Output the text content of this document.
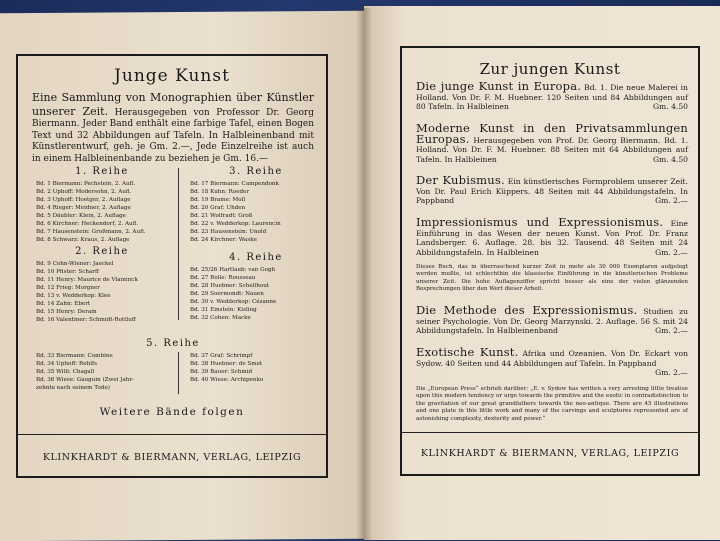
Junge Kunst
Eine Sammlung von Monographien über Künstler unserer Zeit. Herausgegeben von Professor Dr. Georg Biermann. Jeder Band enthält eine farbige Tafel, einen Bogen Text und 32 Abbildungen auf Tafeln. In Halbleinenband mit Künstlerentwurf, geh. je Gm. 2.—, Jede Einzelreihe ist auch in einem Halbleinenbande zu beziehen je Gm. 16.—
1. Reihe
Bd. 1 Biermann: Pechstein, 2. Aufl.
Bd. 2 Uphoff: Modersohn, 2. Aufl.
Bd. 3 Uphoff: Hoetger, 2. Auflage
Bd. 4 Rieger: Meidner, 2. Auflage
Bd. 5 Däubler: Klein, 2. Auflage
Bd. 6 Kirchner: Heckendorf, 2. Aufl.
Bd. 7 Hausenstein: Großmann, 2. Aufl.
Bd. 8 Schwarz: Kraus, 2. Auflage
3. Reihe
Bd. 17 Biermann: Campendonk
Bd. 18 Kuhn: Roeder
Bd. 19 Brame: Moll
Bd. 20 Graf: Uhden
Bd. 21 Wolfradt: Groß
Bd. 22 v. Wedderkop: Laurencin
Bd. 23 Hausenstein: Unold
Bd. 24 Kirchner: Waske
2. Reihe
Bd. 9 Cohn-Wiener: Jaeckel
Bd. 10 Pfister: Scharff
Bd. 11 Henry: Maurice de Vlaminck
Bd. 12 Frieg: Morgner
Bd. 13 v. Wedderkop: Klee
Bd. 14 Zahn: Ebert
Bd. 15 Henry: Derain
Bd. 16 Valentiner: Schmidt-Rottluff
4. Reihe
Bd. 25/26 Hartlaub: van Gogh
Bd. 27 Rolle: Rousseau
Bd. 28 Huebner: Schellhout
Bd. 29 Soermondt: Nauen
Bd. 30 v. Wedderkop: Cézanne
Bd. 31 Einstein: Kisling
Bd. 32 Cohen: Macke
5. Reihe
Bd. 33 Biermann: Combine
Bd. 34 Uphoff: Rohlfs
Bd. 35 Willi: Chagall
Bd. 36 Wiese: Gauguin (Zwei Jahr-
zehnte nach seinem Tode)
Bd. 37 Graf: Schrimpf
Bd. 38 Huebner: de Smet
Bd. 39 Bauer: Schmid
Bd. 40 Wiese: Archipenko
Weitere Bände folgen
KLINKHARDT & BIERMANN, VERLAG, LEIPZIG
Zur jungen Kunst
Die junge Kunst in Europa. Bd. 1. Die neue Malerei in Holland. Von Dr. F. M. Huebner. 120 Seiten und 84 Abbildungen auf 80 Tafeln. In Halbleinen	Gm. 4.50
Moderne Kunst in den Privatsammlungen Europas. Herausgegeben von Prof. Dr. Georg Biermann. Bd. 1. Holland. Von Dr. F. M. Huebner. 88 Seiten mit 64 Abbildungen auf Tafeln. In Halbleinen	Gm. 4.50
Der Kubismus. Ein künstlerisches Formproblem unserer Zeit. Von Dr. Paul Erich Küppers. 48 Seiten mit 44 Abbildungstafeln. In Pappband	Gm. 2.—
Impressionismus und Expressionismus. Eine Einführung in das Wesen der neuen Kunst. Von Prof. Dr. Franz Landsberger. 6. Auflage. 28. bis 32. Tausend. 48 Seiten mit 24 Abbildungstafeln. In Halbleinen	Gm. 2.—
Dieses Buch, das in überraschend kurzer Zeit in mehr als 30 000 Exemplaren aufgelegt werden mußte, ist schlechthin die klassische Einführung in die künstlerischen Probleme unserer Zeit. Die hohe Auflagenziffer spricht besser als eine der vielen glänzenden Besprechungen über den Wert dieser Arbeit.
Die Methode des Expressionismus. Studien zu seiner Psychologie. Von Dr. Georg Marzynski. 2. Auflage. 56 S. mit 24 Abbildungstafeln. In Halbleinenband	Gm. 2.—
Exotische Kunst. Afrika und Ozeanien. Von Dr. Eckart von Sydow. 40 Seiten und 44 Abbildungen auf Tafeln. In Pappband
Gm. 2.—
Die „European Press“ schrieb darüber: „E. v. Sydow has written a very arresting little treatise upon this modern tendency or urge towards the primitive and the exotic in contradistinction to the gravitation of our great grandfathers towards the neo-antique. There are 45 illustrations and one plate in this little work and many of the carvings and sculptures represented are of astonishing complexity, dexterity and power.“
KLINKHARDT & BIERMANN, VERLAG, LEIPZIG
